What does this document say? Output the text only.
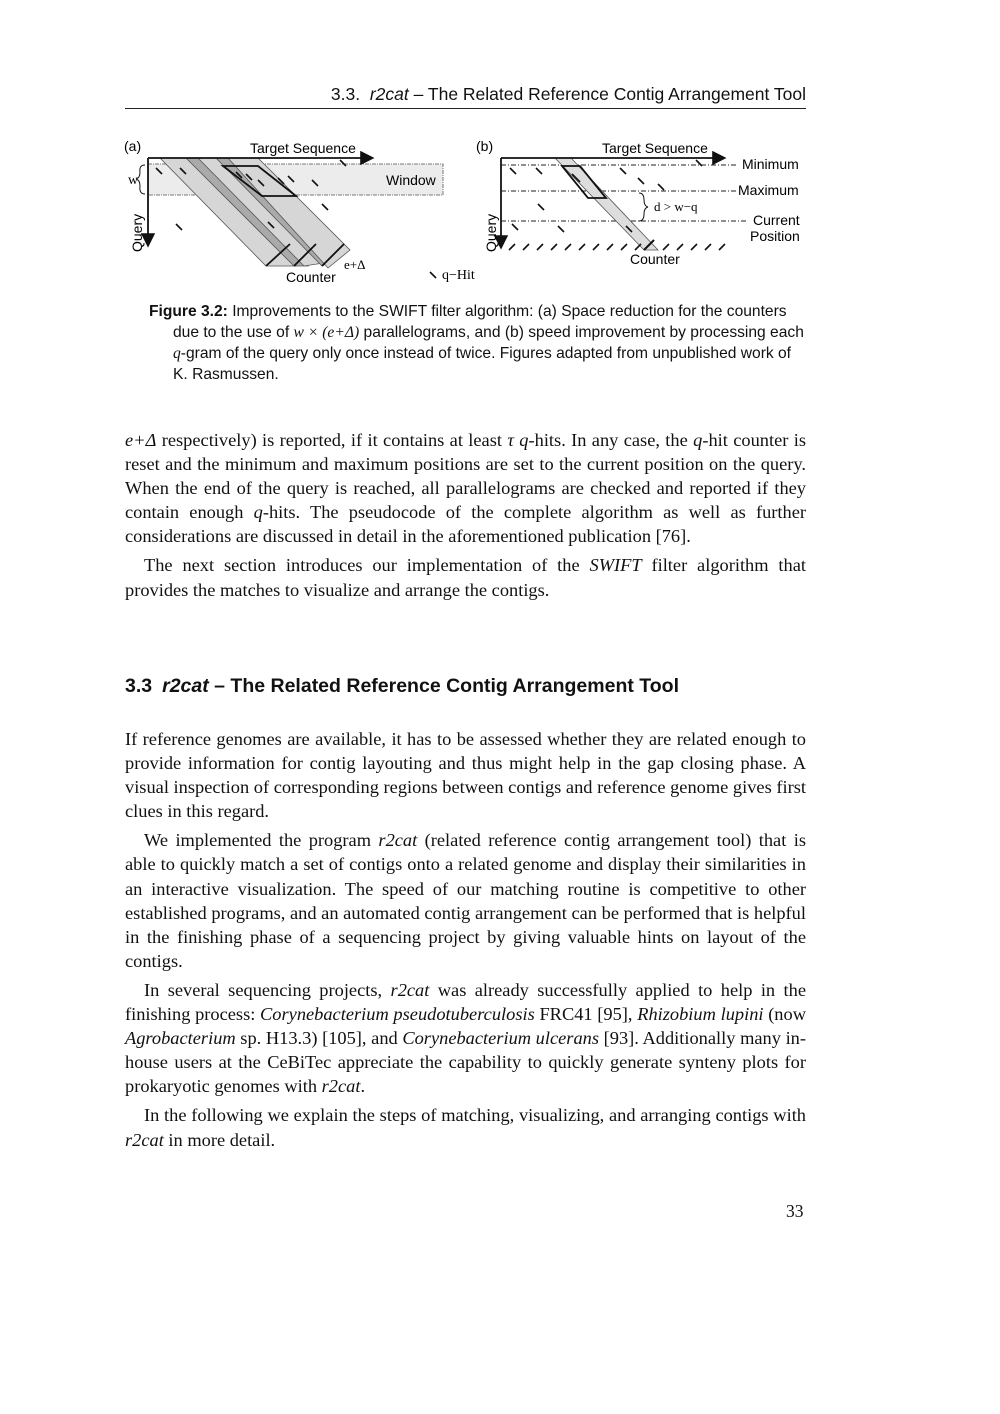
3.3. r2cat – The Related Reference Contig Arrangement Tool
(a)	Target Sequence
w	Window
Query
Counter
e+Δ
q−Hit
(b)	Target Sequence
d > w−q
Minimum
Maximum
Current
Position
Query
Counter
Figure 3.2: Improvements to the SWIFT filter algorithm: (a) Space reduction for the counters due to the use of w × (e+Δ) parallelograms, and (b) speed improvement by processing each q-gram of the query only once instead of twice. Figures adapted from unpublished work of K. Rasmussen.

e+Δ respectively) is reported, if it contains at least τ q-hits. In any case, the q-hit counter is reset and the minimum and maximum positions are set to the current position on the query. When the end of the query is reached, all parallelograms are checked and reported if they contain enough q-hits. The pseudocode of the complete algorithm as well as further considerations are discussed in detail in the aforementioned publication [76].

The next section introduces our implementation of the SWIFT filter algorithm that provides the matches to visualize and arrange the contigs.

3.3 r2cat – The Related Reference Contig Arrangement Tool

If reference genomes are available, it has to be assessed whether they are related enough to provide information for contig layouting and thus might help in the gap closing phase. A visual inspection of corresponding regions between contigs and reference genome gives first clues in this regard.

We implemented the program r2cat (related reference contig arrangement tool) that is able to quickly match a set of contigs onto a related genome and display their similarities in an interactive visualization. The speed of our matching routine is competitive to other established programs, and an automated contig arrangement can be performed that is helpful in the finishing phase of a sequencing project by giving valuable hints on layout of the contigs.

In several sequencing projects, r2cat was already successfully applied to help in the finishing process: Corynebacterium pseudotuberculosis FRC41 [95], Rhizobium lupini (now Agrobacterium sp. H13.3) [105], and Corynebacterium ulcerans [93]. Additionally many in-house users at the CeBiTec appreciate the capability to quickly generate synteny plots for prokaryotic genomes with r2cat.

In the following we explain the steps of matching, visualizing, and arranging contigs with r2cat in more detail.

33
